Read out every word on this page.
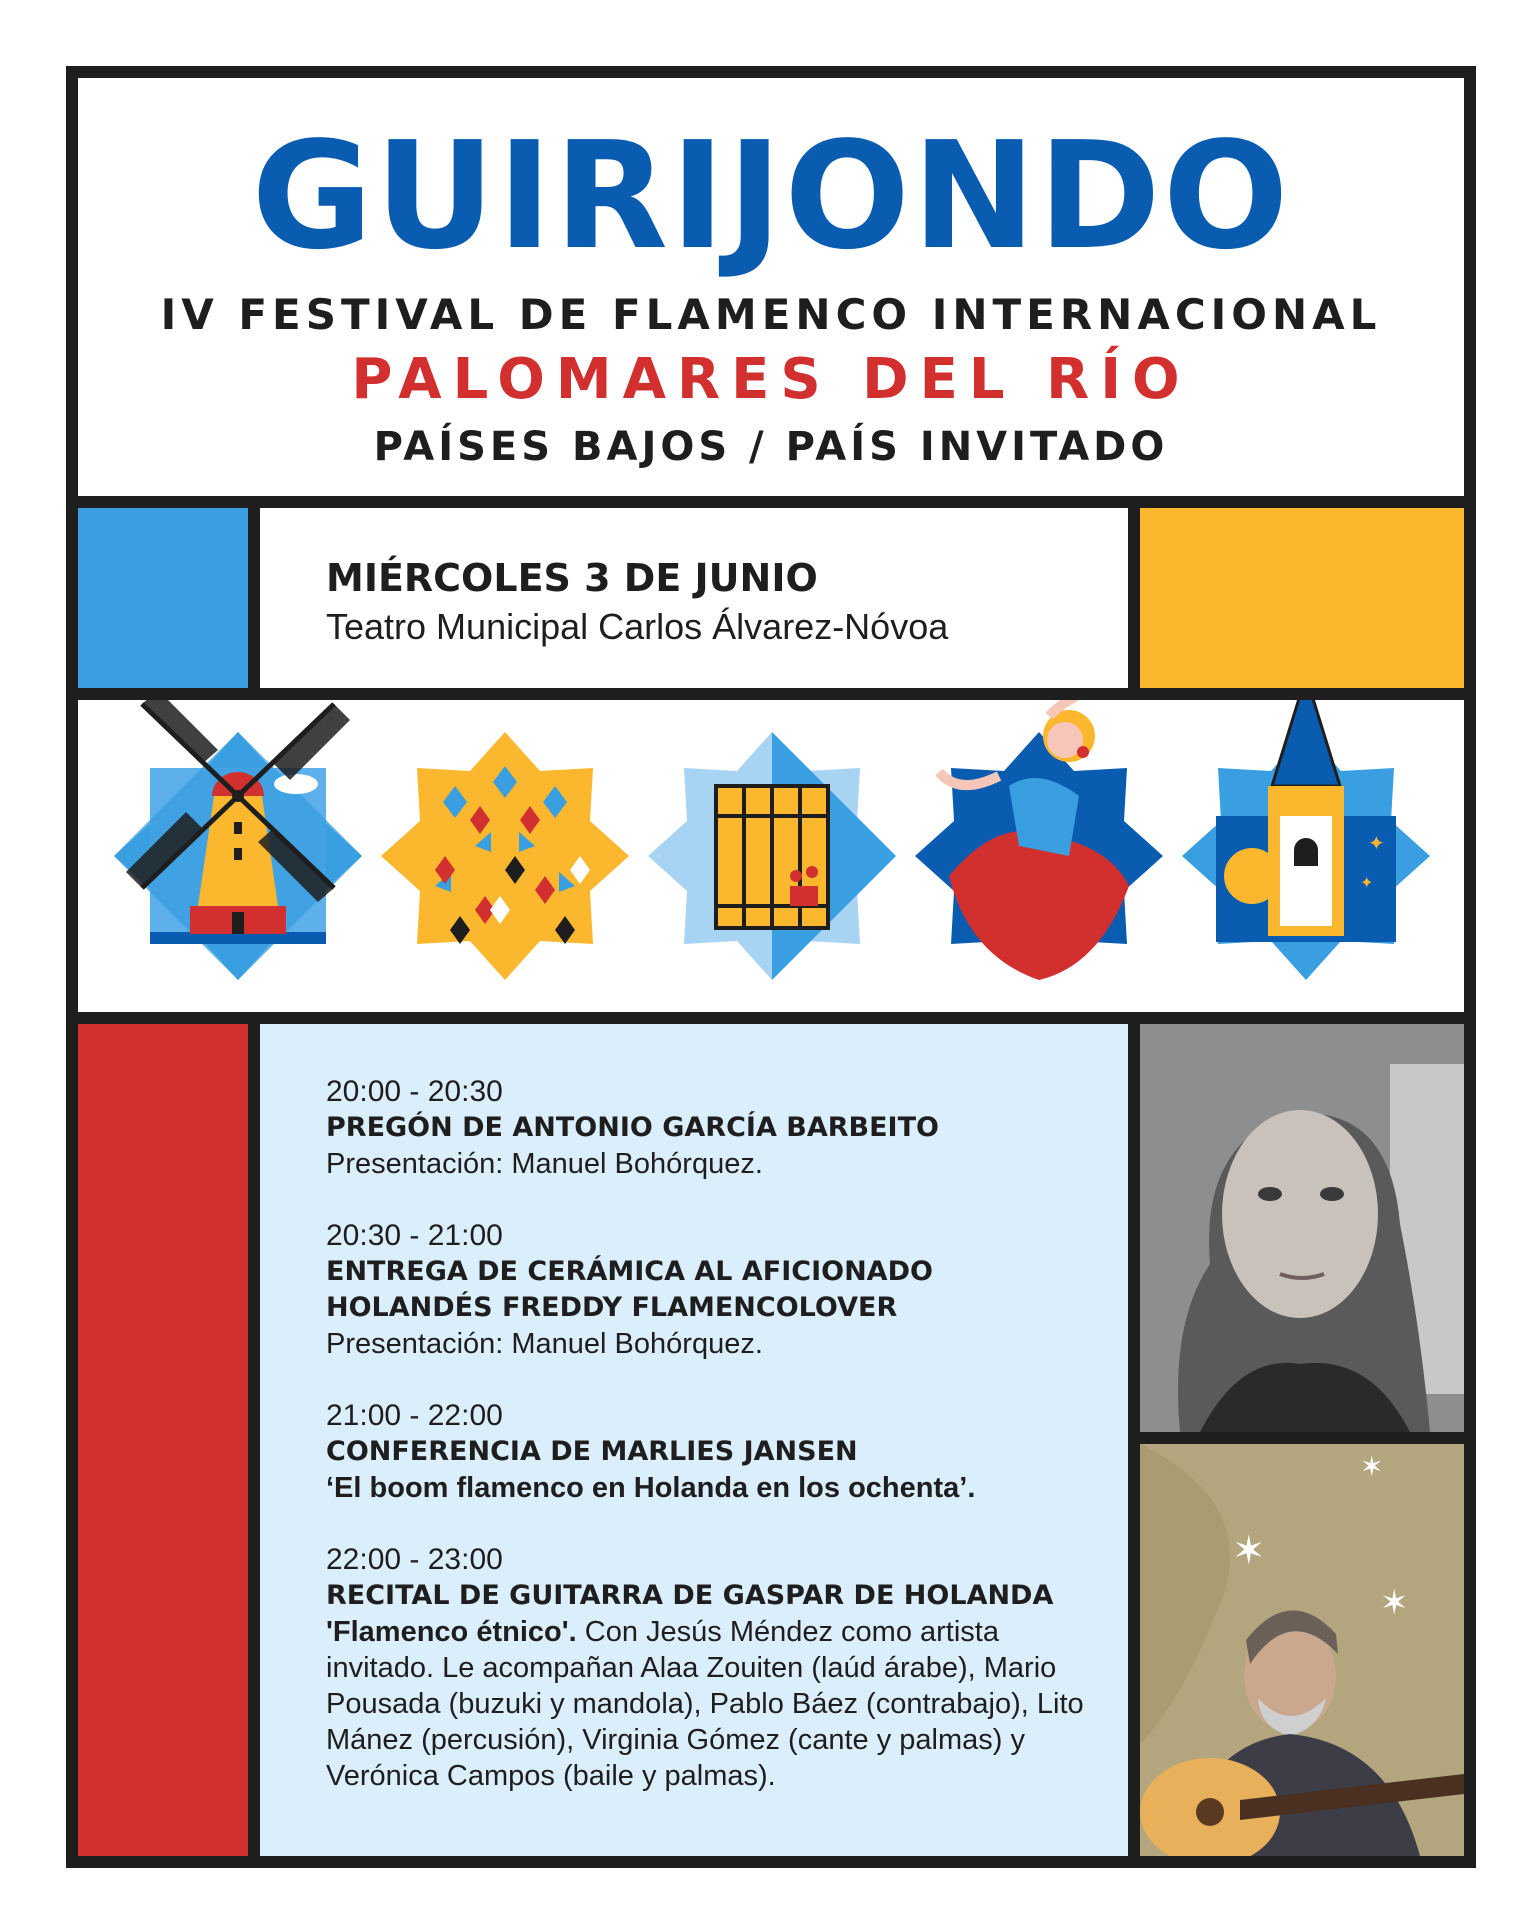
GUIRIJONDO
IV FESTIVAL DE FLAMENCO INTERNACIONAL
PALOMARES DEL RÍO
PAÍSES BAJOS / PAÍS INVITADO
MIÉRCOLES 3 DE JUNIO
Teatro Municipal Carlos Álvarez-Nóvoa
✦
✦
20:00 - 20:30
PREGÓN DE ANTONIO GARCÍA BARBEITO
Presentación: Manuel Bohórquez.
20:30 - 21:00
ENTREGA DE CERÁMICA AL AFICIONADO
HOLANDÉS FREDDY FLAMENCOLOVER
Presentación: Manuel Bohórquez.
21:00 - 22:00
CONFERENCIA DE MARLIES JANSEN
‘El boom flamenco en Holanda en los ochenta’.
22:00 - 23:00
RECITAL DE GUITARRA DE GASPAR DE HOLANDA
'Flamenco étnico'. Con Jesús Méndez como artista invitado. Le acompañan Alaa Zouiten (laúd árabe), Mario Pousada (buzuki y mandola), Pablo Báez (contrabajo), Lito Mánez (percusión), Virginia Gómez (cante y palmas) y Verónica Campos (baile y palmas).
✶
✶
✶
